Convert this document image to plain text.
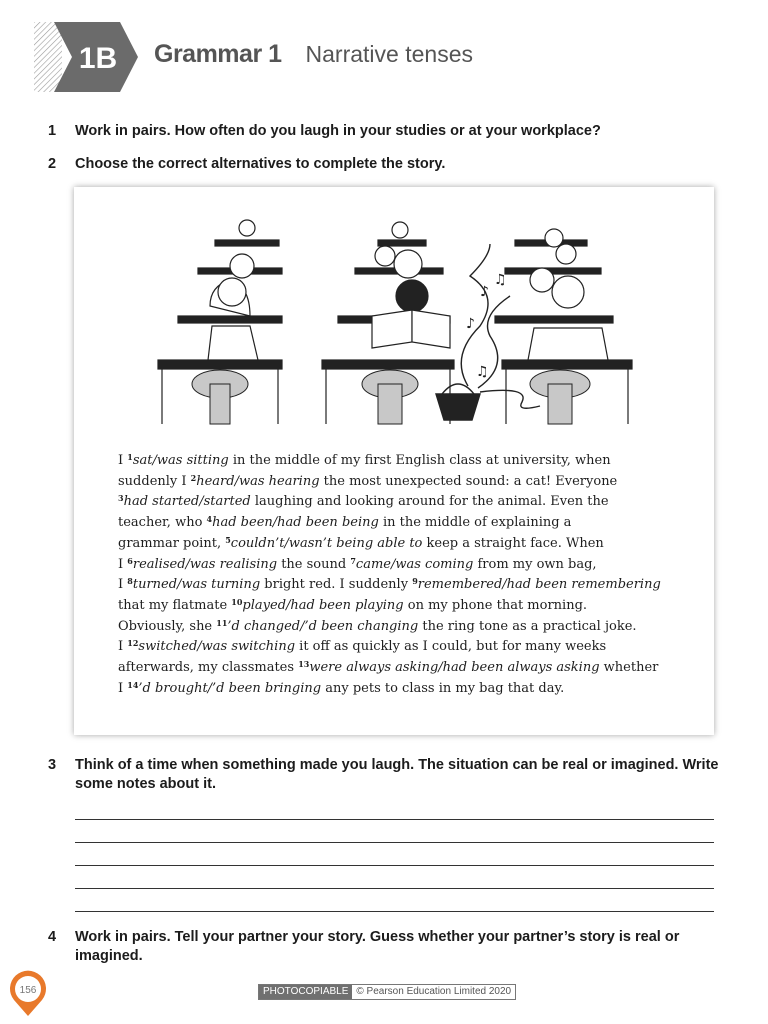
1B Grammar 1 Narrative tenses
1	Work in pairs. How often do you laugh in your studies or at your workplace?
2	Choose the correct alternatives to complete the story.
♪
♪
♫
♫
I $^1$sat/was sitting in the middle of my first English class at university, when
suddenly I $^2$heard/was hearing the most unexpected sound: a cat! Everyone
$^3$had started/started laughing and looking around for the animal. Even the
teacher, who $^4$had been/had been being in the middle of explaining a
grammar point, $^5$couldn’t/wasn’t being able to keep a straight face. When
I $^6$realised/was realising the sound $^7$came/was coming from my own bag,
I $^8$turned/was turning bright red. I suddenly $^9$remembered/had been remembering
that my flatmate $^{10}$played/had been playing on my phone that morning.
Obviously, she $^{11}$’d changed/’d been changing the ring tone as a practical joke.
I $^{12}$switched/was switching it off as quickly as I could, but for many weeks
afterwards, my classmates $^{13}$were always asking/had been always asking whether
I $^{14}$’d brought/’d been bringing any pets to class in my bag that day.
3	Think of a time when something made you laugh. The situation can be real or imagined. Write some notes about it.
4	Work in pairs. Tell your partner your story. Guess whether your partner’s story is real or imagined.
156	PHOTOCOPIABLE © Pearson Education Limited 2020
